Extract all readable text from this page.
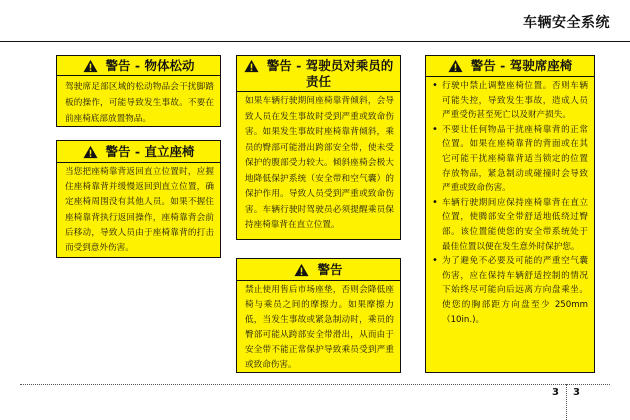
车辆安全系统
警告 - 物体松动
驾驶席足部区域的松动物品会干扰脚踏板的操作，可能导致发生事故。不要在前座椅底部放置物品。
警告 - 直立座椅
当您把座椅靠背返回直立位置时，应握住座椅靠背并缓慢返回到直立位置，确定座椅周围没有其他人员。如果不握住座椅靠背执行返回操作，座椅靠背会前后移动，导致人员由于座椅靠背的打击而受到意外伤害。
警告 - 驾驶员对乘员的
责任
如果车辆行驶期间座椅靠背倾斜，会导致人员在发生事故时受到严重或致命伤害。如果发生事故时座椅靠背倾斜，乘员的臀部可能滑出跨部安全带，使未受保护的腹部受力较大。倾斜座椅会极大地降低保护系统（安全带和空气囊）的保护作用。导致人员受到严重或致命伤害。车辆行驶时驾驶员必须提醒乘员保持座椅靠背在直立位置。
警告
禁止使用售后市场座垫，否则会降低座椅与乘员之间的摩擦力。如果摩擦力低，当发生事故或紧急制动时，乘员的臀部可能从跨部安全带滑出，从而由于安全带不能正常保护导致乘员受到严重或致命伤害。
警告 - 驾驶席座椅
• 行驶中禁止调整座椅位置。否则车辆可能失控，导致发生事故，造成人员严重受伤甚至死亡以及财产损失。
• 不要让任何物品干扰座椅靠背的正常位置。如果在座椅靠背的背面或在其它可能干扰座椅靠背适当锁定的位置存放物品，紧急制动或碰撞时会导致严重或致命伤害。
• 车辆行驶期间应保持座椅靠背在直立位置，使腾部安全带舒适地低绕过臀部。该位置能使您的安全带系统处于最佳位置以便在发生意外时保护您。
• 为了避免不必要及可能的严重空气囊伤害，应在保持车辆舒适控制的情况下始终尽可能向后远离方向盘乘坐。使您的胸部距方向盘至少 250mm（10in.)。
3 3
